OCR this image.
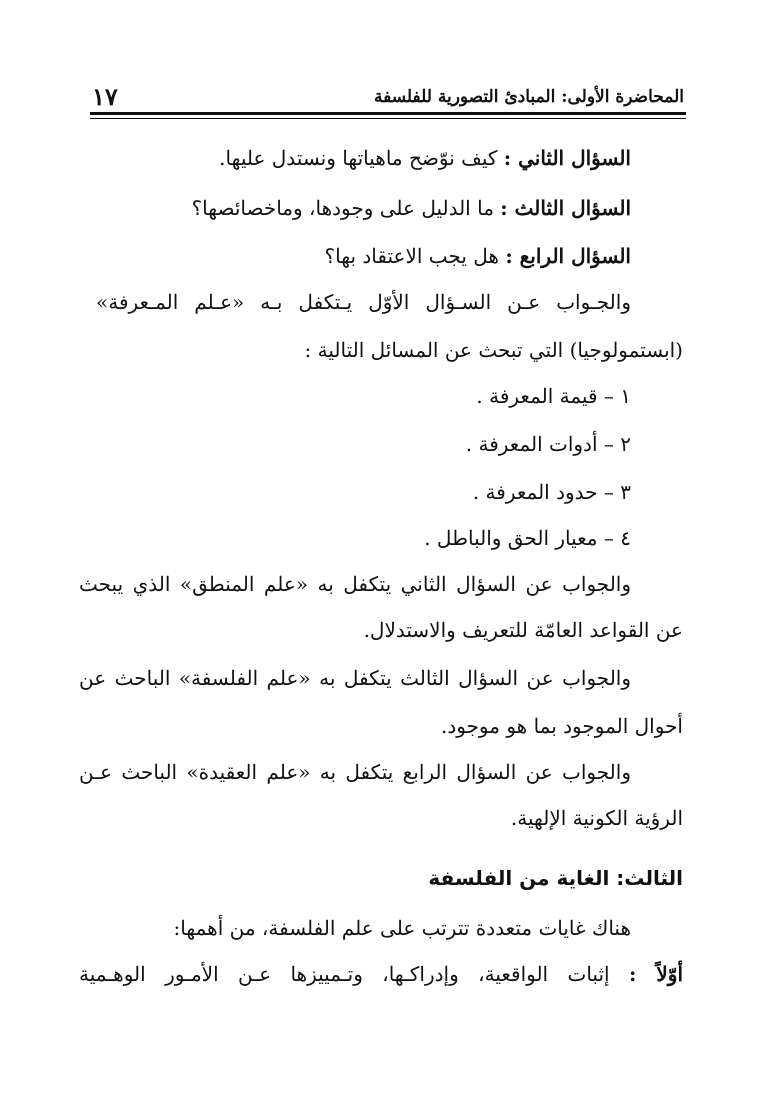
١٧	المحاضرة الأولى: المبادئ التصورية للفلسفة
السؤال الثاني : كيف نوّضح ماهياتها ونستدل عليها.
السؤال الثالث : ما الدليل على وجودها، وماخصائصها؟
السؤال الرابع : هل يجب الاعتقاد بها؟
والجـواب عـن السـؤال الأوّل يـتكفل بـه «عـلم المـعرفة»
(ابستمولوجيا) التي تبحث عن المسائل التالية :
١ – قيمة المعرفة .
٢ – أدوات المعرفة .
٣ – حدود المعرفة .
٤ – معيار الحق والباطل .
والجواب عن السؤال الثاني يتكفل به «علم المنطق» الذي يبحث
عن القواعد العامّة للتعريف والاستدلال.
والجواب عن السؤال الثالث يتكفل به «علم الفلسفة» الباحث عن
أحوال الموجود بما هو موجود.
والجواب عن السؤال الرابع يتكفل به «علم العقيدة» الباحث عـن
الرؤية الكونية الإلهية.
الثالث: الغاية من الفلسفة
هناك غايات متعددة تترتب على علم الفلسفة، من أهمها:
أوّلاً : إثبات الواقعية، وإدراكـها، وتـمييزها عـن الأمـور الوهـمية
